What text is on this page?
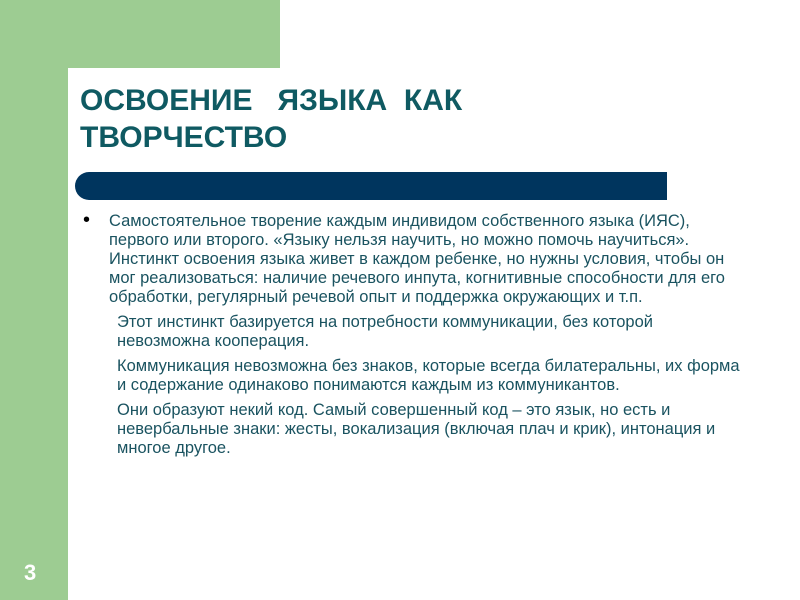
ОСВОЕНИЕ   ЯЗЫКА  КАК
ТВОРЧЕСТВО
• Самостоятельное творение каждым индивидом собственного языка (ИЯС), первого или второго. «Языку нельзя научить, но можно помочь научиться». Инстинкт освоения языка живет в каждом ребенке, но нужны условия, чтобы он мог реализоваться: наличие речевого инпута, когнитивные способности для его обработки, регулярный речевой опыт и поддержка окружающих и т.п.

Этот инстинкт базируется на потребности коммуникации, без которой невозможна кооперация.

Коммуникация невозможна без знаков, которые всегда билатеральны, их форма и содержание одинаково понимаются каждым из коммуникантов.

Они образуют некий код. Самый совершенный код – это язык, но есть и невербальные знаки: жесты, вокализация (включая плач и крик), интонация и многое другое.

3
